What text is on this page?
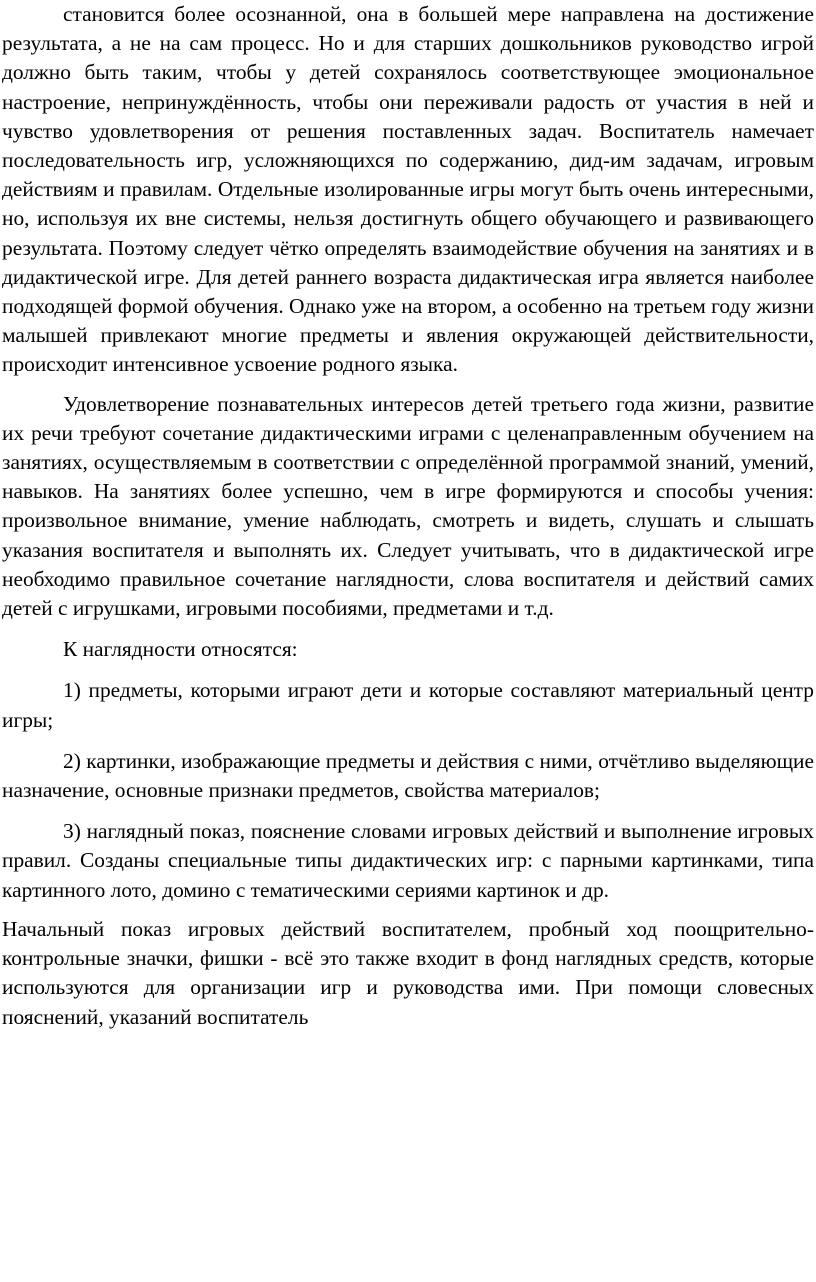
становится более осознанной, она в большей мере направлена на достижение результата, а не на сам процесс. Но и для старших дошкольников руководство игрой должно быть таким, чтобы у детей сохранялось соответствующее эмоциональное настроение, непринуждённость, чтобы они переживали радость от участия в ней и чувство удовлетворения от решения поставленных задач. Воспитатель намечает последовательность игр, усложняющихся по содержанию, дид-им задачам, игровым действиям и правилам. Отдельные изолированные игры могут быть очень интересными, но, используя их вне системы, нельзя достигнуть общего обучающего и развивающего результата. Поэтому следует чётко определять взаимодействие обучения на занятиях и в дидактической игре. Для детей раннего возраста дидактическая игра является наиболее подходящей формой обучения. Однако уже на втором, а особенно на третьем году жизни малышей привлекают многие предметы и явления окружающей действительности, происходит интенсивное усвоение родного языка.

Удовлетворение познавательных интересов детей третьего года жизни, развитие их речи требуют сочетание дидактическими играми с целенаправленным обучением на занятиях, осуществляемым в соответствии с определённой программой знаний, умений, навыков. На занятиях более успешно, чем в игре формируются и способы учения: произвольное внимание, умение наблюдать, смотреть и видеть, слушать и слышать указания воспитателя и выполнять их. Следует учитывать, что в дидактической игре необходимо правильное сочетание наглядности, слова воспитателя и действий самих детей с игрушками, игровыми пособиями, предметами и т.д.

К наглядности относятся:

1) предметы, которыми играют дети и которые составляют материальный центр игры;

2) картинки, изображающие предметы и действия с ними, отчётливо выделяющие назначение, основные признаки предметов, свойства материалов;

3) наглядный показ, пояснение словами игровых действий и выполнение игровых правил. Созданы специальные типы дидактических игр: с парными картинками, типа картинного лото, домино с тематическими сериями картинок и др.

Начальный показ игровых действий воспитателем, пробный ход поощрительно-контрольные значки, фишки - всё это также входит в фонд наглядных средств, которые используются для организации игр и руководства ими. При помощи словесных пояснений, указаний воспитатель
